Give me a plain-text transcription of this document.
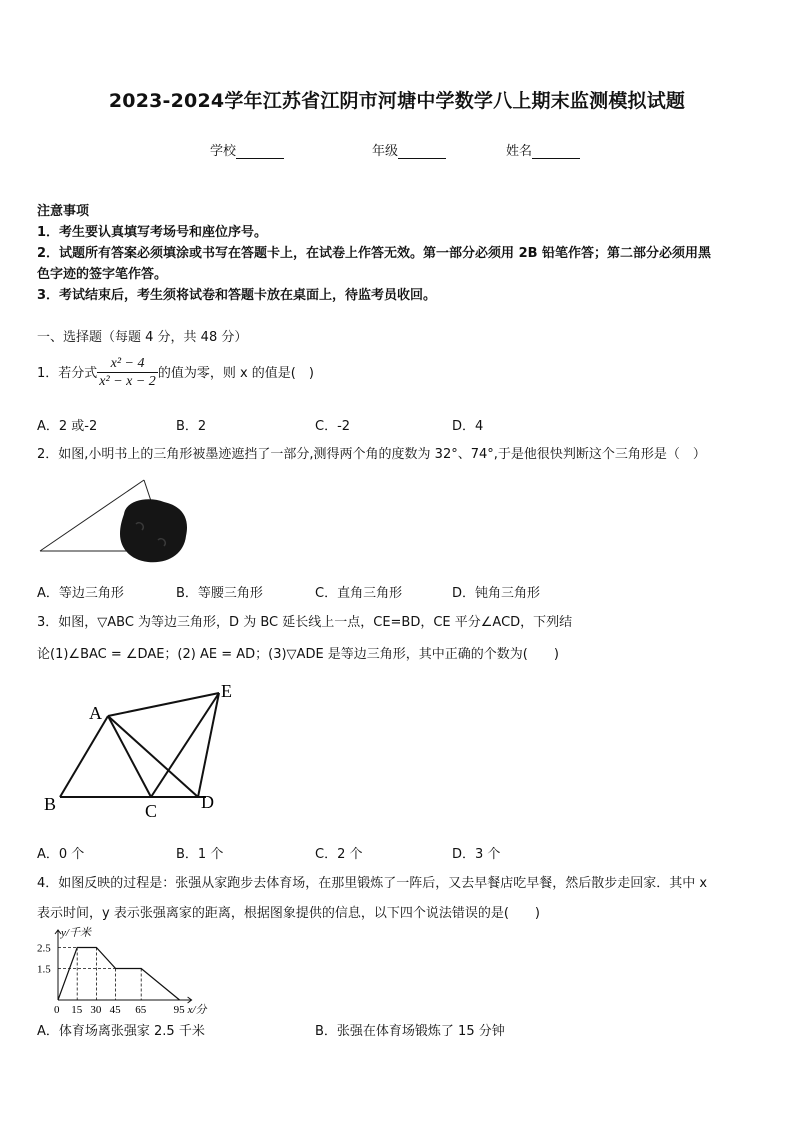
2023-2024学年江苏省江阴市河塘中学数学八上期末监测模拟试题
学校	年级	姓名
注意事项
1．考生要认真填写考场号和座位序号。
2．试题所有答案必须填涂或书写在答题卡上，在试卷上作答无效。第一部分必须用 2B 铅笔作答；第二部分必须用黑
色字迹的签字笔作答。
3．考试结束后，考生须将试卷和答题卡放在桌面上，待监考员收回。
一、选择题（每题 4 分，共 48 分）
1．若分式 $\frac{\text{x² − 4}}{\text{x² − x − 2}}$ 的值为零，则 x 的值是(　)
A．2 或-2	B．2	C．-2	D．4
2．如图,小明书上的三角形被墨迹遮挡了一部分,测得两个角的度数为 32°、74°,于是他很快判断这个三角形是（　）
A．等边三角形	B．等腰三角形	C．直角三角形	D．钝角三角形
3．如图，▽ABC 为等边三角形，D 为 BC 延长线上一点，CE=BD，CE 平分∠ACD，下列结
论(1)∠BAC = ∠DAE；(2) AE = AD；(3)▽ADE 是等边三角形，其中正确的个数为(　　)
A
B	C D
E
A．0 个	B．1 个	C．2 个	D．3 个
4．如图反映的过程是：张强从家跑步去体育场，在那里锻炼了一阵后，又去早餐店吃早餐，然后散步走回家．其中 x
表示时间，y 表示张强离家的距离，根据图象提供的信息，以下四个说法错误的是(　　)
0 15 30 45 65 95
2.5
1.5
y/千米
x/分
A．体育场离张强家 2.5 千米	B．张强在体育场锻炼了 15 分钟
